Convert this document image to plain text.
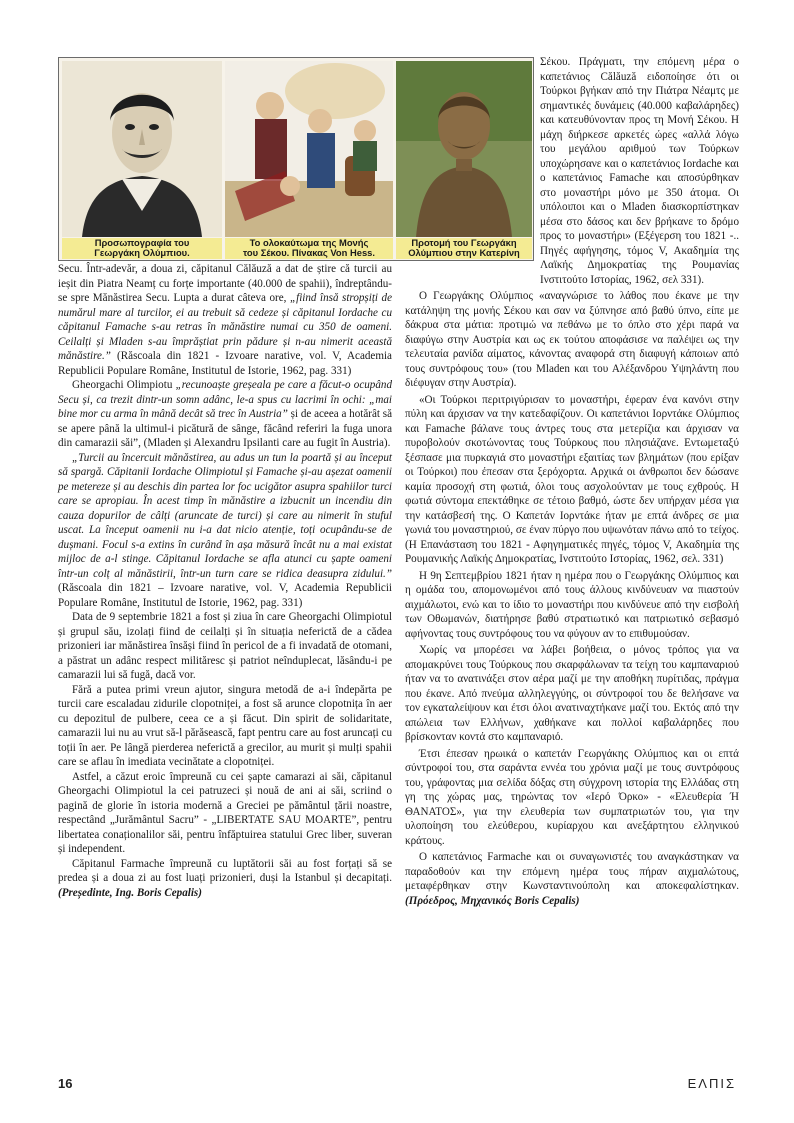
Προσωπογραφία του
Γεωργάκη Ολύμπιου.
Το ολοκαύτωμα της Μονής
του Σέκου. Πίνακας Von Hess.
Προτομή του Γεωργάκη
Ολύμπιου στην Κατερίνη

Secu. Într-adevăr, a doua zi, căpitanul Călăuză a dat de știre că turcii au ieșit din Piatra Neamț cu forțe importante (40.000 de spahii), îndreptându-se spre Mănăstirea Secu. Lupta a durat câteva ore, „fiind însă stropșiți de numărul mare al turcilor, ei au trebuit să cedeze și căpitanul Iordache cu căpitanul Famache s-au retras în mănăstire numai cu 350 de oameni. Ceilalți și Mladen s-au împrăștiat prin pădure și n-au nimerit această mănăstire.” (Răscoala din 1821 - Izvoare narative, vol. V, Academia Republicii Populare Române, Institutul de Istorie, 1962, pag. 331)

Gheorgachi Olimpiotu „recunoaște greșeala pe care a făcut-o ocupând Secu și, ca trezit dintr-un somn adânc, le-a spus cu lacrimi în ochi: „mai bine mor cu arma în mână decât să trec în Austria” și de aceea a hotărât să se apere până la ultimul-i picătură de sânge, făcând referiri la fuga unora din camarazii săi”, (Mladen și Alexandru Ipsilanti care au fugit în Austria).

„Turcii au încercuit mănăstirea, au adus un tun la poartă și au început să spargă. Căpitanii Iordache Olimpiotul și Famache și-au așezat oamenii pe metereze și au deschis din partea lor foc ucigător asupra spahiilor turci care se apropiau. În acest timp în mănăstire a izbucnit un incendiu din cauza dopurilor de câlți (aruncate de turci) și care au nimerit în stuful uscat. La început oamenii nu i-a dat nicio atenție, toți ocupându-se de dușmani. Focul s-a extins în curând în așa măsură încât nu a mai existat mijloc de a-l stinge. Căpitanul Iordache se afla atunci cu șapte oameni într-un colț al mănăstirii, într-un turn care se ridica deasupra zidului.” (Răscoala din 1821 – Izvoare narative, vol. V, Academia Republicii Populare Române, Institutul de Istorie, 1962, pag. 331)

Data de 9 septembrie 1821 a fost și ziua în care Gheorgachi Olimpiotul și grupul său, izolați fiind de ceilalți și în situația neferictă de a cădea prizonieri iar mănăstirea însăși fiind în pericol de a fi invadată de otomani, a păstrat un adânc respect milităresc și patriot neînduplecat, lăsându-i pe camarazii lui să fugă, dacă vor.

Fără a putea primi vreun ajutor, singura metodă de a-i îndepărta pe turcii care escaladau zidurile clopotniței, a fost să arunce clopotnița în aer cu depozitul de pulbere, ceea ce a și făcut. Din spirit de solidaritate, camarazii lui nu au vrut să-l părăsească, fapt pentru care au fost aruncați cu toții în aer. Pe lângă pierderea neferictă a grecilor, au murit și mulți spahii care se aflau în imediata vecinătate a clopotniței.

Astfel, a căzut eroic împreună cu cei șapte camarazi ai săi, căpitanul Gheorgachi Olimpiotul la cei patruzeci și nouă de ani ai săi, scriind o pagină de glorie în istoria modernă a Greciei pe pământul țării noastre, respectând „Jurământul Sacru” - „LIBERTATE SAU MOARTE”, pentru libertatea conaționalilor săi, pentru înfăptuirea statului Grec liber, suveran și independent.

Căpitanul Farmache împreună cu luptătorii săi au fost forțați să se predea și a doua zi au fost luați prizonieri, duși la Istanbul și decapitați. (Președinte, Ing. Boris Cepalis)

Σέκου. Πράγματι, την επόμενη μέρα ο καπετάνιος Călăuză ειδοποίησε ότι οι Τούρκοι βγήκαν από την Πιάτρα Νέαμτς με σημαντικές δυνάμεις (40.000 καβαλάρηδες) και κατευθύνονταν προς τη Μονή Σέκου. Η μάχη διήρκεσε αρκετές ώρες «αλλά λόγω του μεγάλου αριθμού των Τούρκων υποχώρησανε και ο καπετάνιος Iordache και ο καπετάνιος Famache και αποσύρθηκαν στο μοναστήρι μόνο με 350 άτομα. Οι υπόλοιποι και ο Mladen διασκορπίστηκαν μέσα στο δάσος και δεν βρήκανε το δρόμο προς το μοναστήρι» (Εξέγερση του 1821 -.. Πηγές αφήγησης, τόμος V, Ακαδημία της Λαϊκής Δημοκρατίας της Ρουμανίας Ινστιτούτο Ιστορίας, 1962, σελ 331).

Ο Γεωργάκης Ολύμπιος «αναγνώρισε το λάθος που έκανε με την κατάληψη της μονής Σέκου και σαν να ξύπνησε από βαθύ ύπνο, είπε με δάκρυα στα μάτια: προτιμώ να πεθάνω με το όπλο στο χέρι παρά να διαφύγω στην Αυστρία και ως εκ τούτου αποφάσισε να παλέψει ως την τελευταία ρανίδα αίματος, κάνοντας αναφορά στη διαφυγή κάποιων από τους συντρόφους του» (του Mladen και του Αλέξανδρου Υψηλάντη που διέφυγαν στην Αυστρία).

«Οι Τούρκοι περιτριγύρισαν το μοναστήρι, έφεραν ένα κανόνι στην πύλη και άρχισαν να την κατεδαφίζουν. Οι καπετάνιοι Ιορντάκε Ολύμπιος και Famache βάλανε τους άντρες τους στα μετερίζια και άρχισαν να πυροβολούν σκοτώνοντας τους Τούρκους που πλησιάζανε. Εντωμεταξύ ξέσπασε μια πυρκαγιά στο μοναστήρι εξαιτίας των βλημάτων (που ερίξαν οι Τούρκοι) που έπεσαν στα ξερόχορτα. Αρχικά οι άνθρωποι δεν δώσανε καμία προσοχή στη φωτιά, όλοι τους ασχολούνταν με τους εχθρούς. Η φωτιά σύντομα επεκτάθηκε σε τέτοιο βαθμό, ώστε δεν υπήρχαν μέσα για την κατάσβεσή της. Ο Καπετάν Ιορντάκε ήταν με επτά άνδρες σε μια γωνιά του μοναστηριού, σε έναν πύργο που υψωνόταν πάνω από το τείχος. (Η Επανάσταση του 1821 - Αφηγηματικές πηγές, τόμος V, Ακαδημία της Ρουμανικής Λαϊκής Δημοκρατίας, Ινστιτούτο Ιστορίας, 1962, σελ. 331)

Η 9η Σεπτεμβρίου 1821 ήταν η ημέρα που ο Γεωργάκης Ολύμπιος και η ομάδα του, απομονωμένοι από τους άλλους κινδύνευαν να πιαστούν αιχμάλωτοι, ενώ και το ίδιο το μοναστήρι που κινδύνευε από την εισβολή των Οθωμανών, διατήρησε βαθύ στρατιωτικό και πατριωτικό σεβασμό αφήνοντας τους συντρόφους του να φύγουν αν το επιθυμούσαν.

Χωρίς να μπορέσει να λάβει βοήθεια, ο μόνος τρόπος για να απομακρύνει τους Τούρκους που σκαρφάλωναν τα τείχη του καμπαναριού ήταν να το ανατινάξει στον αέρα μαζί με την αποθήκη πυρίτιδας, πράγμα που έκανε. Από πνεύμα αλληλεγγύης, οι σύντροφοί του δε θελήσανε να τον εγκαταλείψουν και έτσι όλοι ανατιναχτήκανε μαζί του. Εκτός από την απώλεια των Ελλήνων, χαθήκανε και πολλοί καβαλάρηδες που βρίσκονταν κοντά στο καμπαναριό.

Έτσι έπεσαν ηρωικά ο καπετάν Γεωργάκης Ολύμπιος και οι επτά σύντροφοί του, στα σαράντα εννέα του χρόνια μαζί με τους συντρόφους του, γράφοντας μια σελίδα δόξας στη σύγχρονη ιστορία της Ελλάδας στη γη της χώρας μας, τηρώντας τον «Ιερό Όρκο» - «Ελευθερία Ή ΘΑΝΑΤΟΣ», για την ελευθερία των συμπατριωτών του, για την υλοποίηση του ελεύθερου, κυρίαρχου και ανεξάρτητου ελληνικού κράτους.

Ο καπετάνιος Farmache και οι συναγωνιστές του αναγκάστηκαν να παραδοθούν και την επόμενη ημέρα τους πήραν αιχμαλώτους, μεταφέρθηκαν στην Κωνσταντινούπολη και αποκεφαλίστηκαν. (Πρόεδρος, Μηχανικός Boris Cepalis)

16	ΕΛΠΙΣ
